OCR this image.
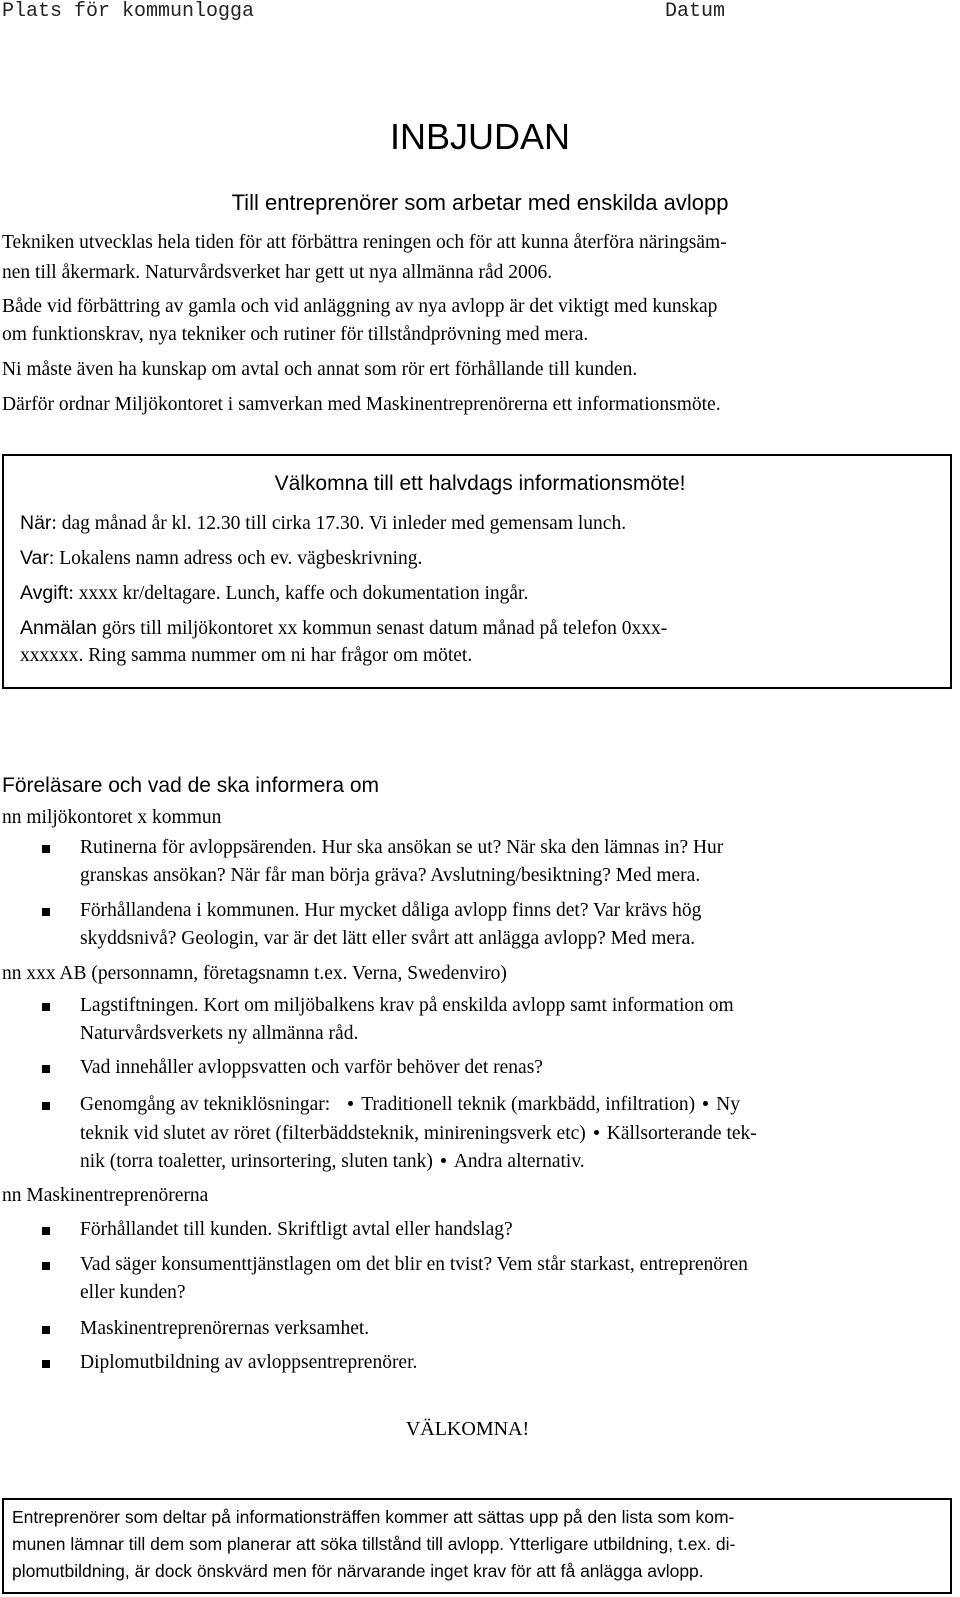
Plats för kommunlogga	Datum
INBJUDAN
Till entreprenörer som arbetar med enskilda avlopp
Tekniken utvecklas hela tiden för att förbättra reningen och för att kunna återföra näringsäm-
nen till åkermark. Naturvårdsverket har gett ut nya allmänna råd 2006.
Både vid förbättring av gamla och vid anläggning av nya avlopp är det viktigt med kunskap
om funktionskrav, nya tekniker och rutiner för tillståndprövning med mera.
Ni måste även ha kunskap om avtal och annat som rör ert förhållande till kunden.
Därför ordnar Miljökontoret i samverkan med Maskinentreprenörerna ett informationsmöte.
Välkomna till ett halvdags informationsmöte!
När: dag månad år kl. 12.30 till cirka 17.30. Vi inleder med gemensam lunch.
Var: Lokalens namn adress och ev. vägbeskrivning.
Avgift: xxxx kr/deltagare. Lunch, kaffe och dokumentation ingår.
Anmälan görs till miljökontoret xx kommun senast datum månad på telefon 0xxx-
xxxxxx. Ring samma nummer om ni har frågor om mötet.
Föreläsare och vad de ska informera om
nn miljökontoret x kommun
Rutinerna för avloppsärenden. Hur ska ansökan se ut? När ska den lämnas in? Hur
granskas ansökan? När får man börja gräva? Avslutning/besiktning? Med mera.
Förhållandena i kommunen. Hur mycket dåliga avlopp finns det? Var krävs hög
skyddsnivå? Geologin, var är det lätt eller svårt att anlägga avlopp? Med mera.
nn xxx AB (personnamn, företagsnamn t.ex. Verna, Swedenviro)
Lagstiftningen. Kort om miljöbalkens krav på enskilda avlopp samt information om
Naturvårdsverkets ny allmänna råd.
Vad innehåller avloppsvatten och varför behöver det renas?
Genomgång av tekniklösningar: Traditionell teknik (markbädd, infiltration) Ny
teknik vid slutet av röret (filterbäddsteknik, minireningsverk etc) Källsorterande tek-
nik (torra toaletter, urinsortering, sluten tank) Andra alternativ.
nn Maskinentreprenörerna
Förhållandet till kunden. Skriftligt avtal eller handslag?
Vad säger konsumenttjänstlagen om det blir en tvist? Vem står starkast, entreprenören
eller kunden?
Maskinentreprenörernas verksamhet.
Diplomutbildning av avloppsentreprenörer.
VÄLKOMNA!
Entreprenörer som deltar på informationsträffen kommer att sättas upp på den lista som kom-
munen lämnar till dem som planerar att söka tillstånd till avlopp. Ytterligare utbildning, t.ex. di-
plomutbildning, är dock önskvärd men för närvarande inget krav för att få anlägga avlopp.
